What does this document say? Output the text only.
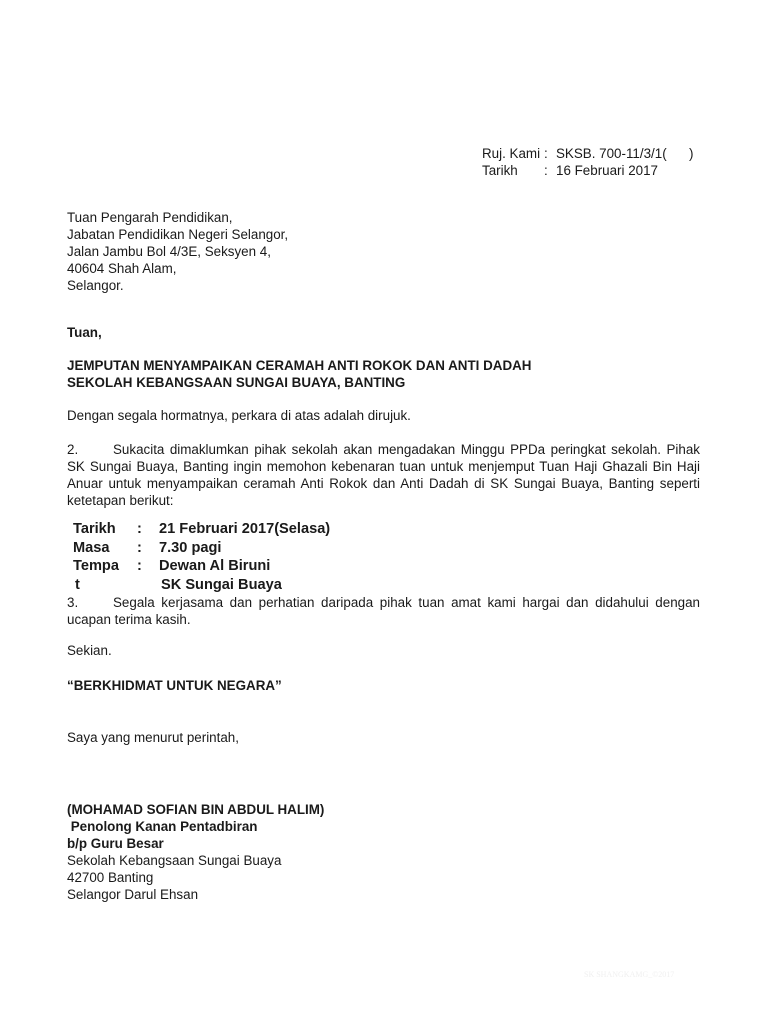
Ruj. Kami : SKSB. 700-11/3/1(      )
Tarikh	: 16 Februari 2017
Tuan Pengarah Pendidikan,
Jabatan Pendidikan Negeri Selangor,
Jalan Jambu Bol 4/3E, Seksyen 4,
40604 Shah Alam,
Selangor.
Tuan,
JEMPUTAN MENYAMPAIKAN CERAMAH ANTI ROKOK DAN ANTI DADAH
SEKOLAH KEBANGSAAN SUNGAI BUAYA, BANTING
Dengan segala hormatnya, perkara di atas adalah dirujuk.
2.	Sukacita dimaklumkan pihak sekolah akan mengadakan Minggu PPDa peringkat sekolah. Pihak SK Sungai Buaya, Banting ingin memohon kebenaran tuan untuk menjemput Tuan Haji Ghazali Bin Haji Anuar untuk menyampaikan ceramah Anti Rokok dan Anti Dadah di SK Sungai Buaya, Banting seperti ketetapan berikut:
Tarikh	:	21 Februari 2017(Selasa)
Masa	:	7.30 pagi
Tempa	:	Dewan Al Biruni
t	SK Sungai Buaya
3.	Segala kerjasama dan perhatian daripada pihak tuan amat kami hargai dan didahului dengan ucapan terima kasih.
Sekian.
“BERKHIDMAT UNTUK NEGARA”
Saya yang menurut perintah,
(MOHAMAD SOFIAN BIN ABDUL HALIM)
Penolong Kanan Pentadbiran
b/p Guru Besar
Sekolah Kebangsaan Sungai Buaya
42700 Banting
Selangor Darul Ehsan
SK SHANGKAMG_©2017
